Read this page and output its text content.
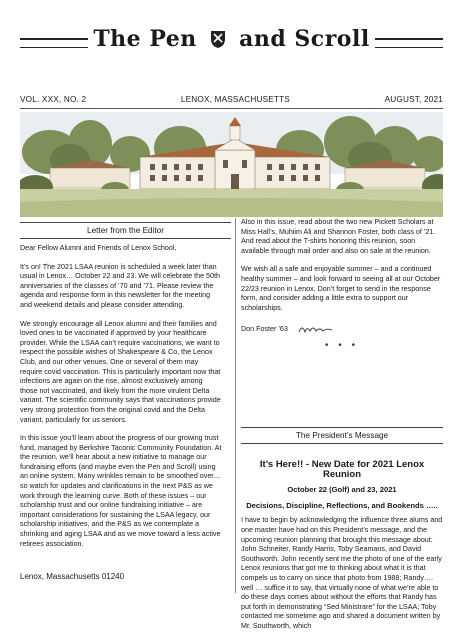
The Pen and Scroll
VOL. XXX, NO. 2	LENOX, MASSACHUSETTS	AUGUST, 2021
Letter from the Editor

Dear Fellow Alumni and Friends of Lenox School,

It’s on! The 2021 LSAA reunion is scheduled a week later than usual in Lenox… October 22 and 23. We will celebrate the 50th anniversaries of the classes of ’70 and ’71. Please review the agenda and response form in this newsletter for the meeting and weekend details and please consider attending.

We strongly encourage all Lenox alumni and their families and loved ones to be vaccinated if approved by your healthcare provider. While the LSAA can’t require vaccinations, we want to respect the possible wishes of Shakespeare & Co, the Lenox Club, and our other venues. One or several of them may require covid vaccination. This is particularly important now that infections are again on the rise, almost exclusively among those not vaccinated, and likely from the more virulent Delta variant. The scientific community says that vaccinations provide very strong protection from the original covid and the Delta variant, particularly for us seniors.

In this issue you’ll learn about the progress of our growing trust fund, managed by Berkshire Taconic Community Foundation. At the reunion, we’ll hear about a new initiative to manage our fundraising efforts (and maybe even the Pen and Scroll) using an online system. Many wrinkles remain to be smoothed over… so watch for updates and clarifications in the next P&S as we work through the learning curve. Both of these issues – our scholarship trust and our online fundraising initiative – are important considerations for sustaining the LSAA legacy, our scholarship initiatives, and the P&S as we contemplate a shrinking and aging LSAA and as we move toward a less active retirees association.

Also in this issue, read about the two new Pickett Scholars at Miss Hall’s, Muhiim Ali and Shannon Foster, both class of ’21. And read about the T-shirts honoring this reunion, soon available through mail order and also on sale at the reunion.

We wish all a safe and enjoyable summer – and a continued healthy summer – and look forward to seeing all at our October 22/23 reunion in Lenox. Don’t forget to send in the response form, and consider adding a little extra to support our scholarships.

Don Foster ’63
* * *
The President’s Message
It’s Here!! - New Date for 2021 Lenox Reunion
October 22 (Golf) and 23, 2021
Decisions, Discipline, Reflections, and Bookends …..
I have to begin by acknowledging the influence three alums and one master have had on this President’s message, and the upcoming reunion planning that brought this message about: John Schneiter, Randy Harris, Toby Seamans, and David Southworth. John recently sent me the photo of one of the early Lenox reunions that got me to thinking about what it is that compels us to carry on since that photo from 1988; Randy…. well … suffice it to say, that virtually none of what we’re able to do these days comes about without the efforts that Randy has put forth in demonstrating “Sed Ministrare” for the LSAA; Toby contacted me sometime ago and shared a document written by Mr. Southworth, which
Lenox, Massachusetts 01240
